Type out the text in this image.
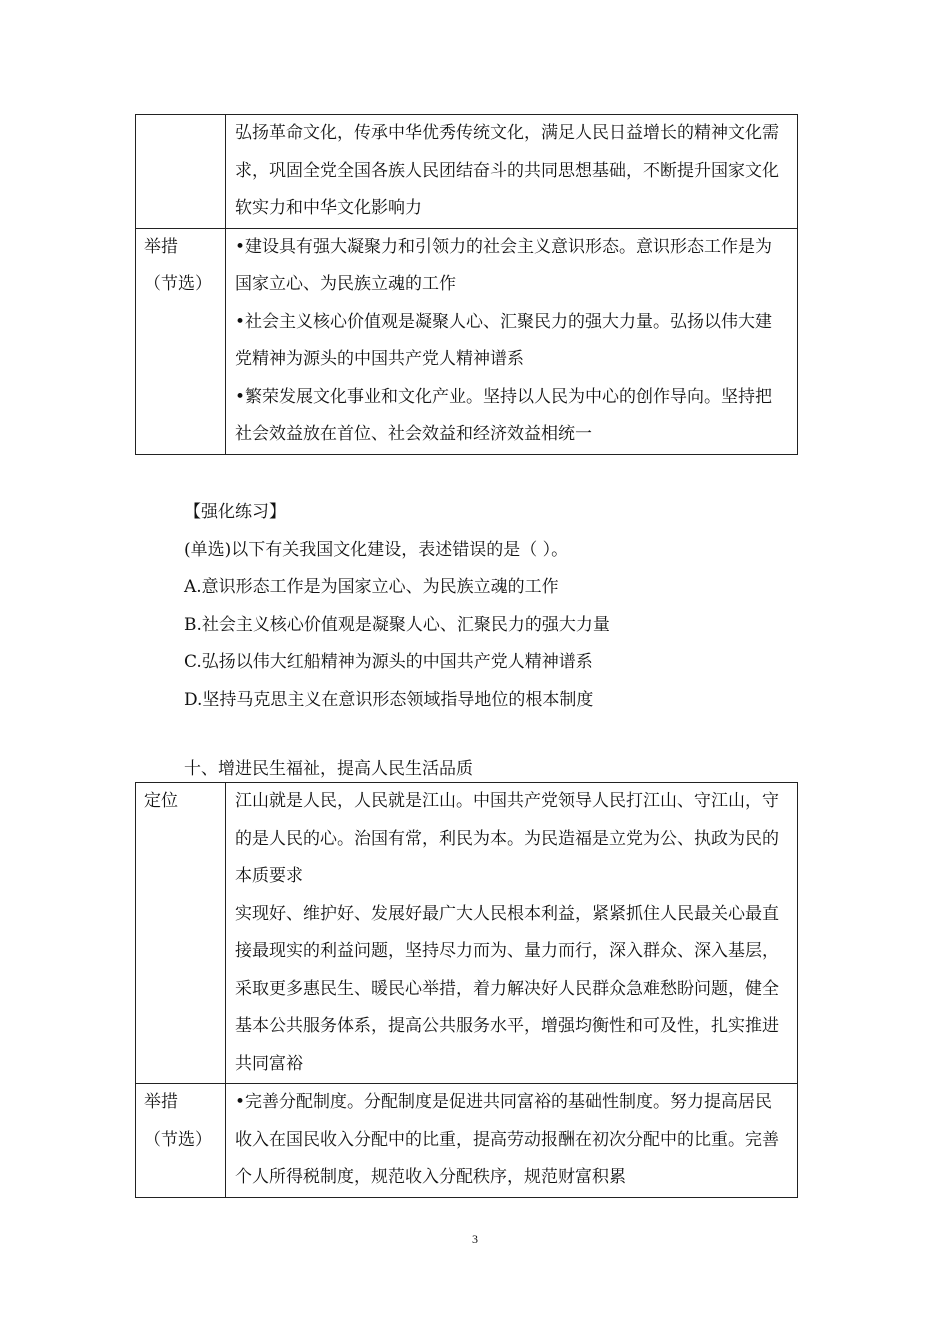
	弘扬革命文化，传承中华优秀传统文化，满足人民日益增长的精神文化需求，巩固全党全国各族人民团结奋斗的共同思想基础，不断提升国家文化软实力和中华文化影响力

举措
（节选）	•建设具有强大凝聚力和引领力的社会主义意识形态。意识形态工作是为国家立心、为民族立魂的工作
•社会主义核心价值观是凝聚人心、汇聚民力的强大力量。弘扬以伟大建党精神为源头的中国共产党人精神谱系
•繁荣发展文化事业和文化产业。坚持以人民为中心的创作导向。坚持把社会效益放在首位、社会效益和经济效益相统一
【强化练习】
(单选)以下有关我国文化建设，表述错误的是（ ）。
A.意识形态工作是为国家立心、为民族立魂的工作
B.社会主义核心价值观是凝聚人心、汇聚民力的强大力量
C.弘扬以伟大红船精神为源头的中国共产党人精神谱系
D.坚持马克思主义在意识形态领域指导地位的根本制度
十、增进民生福祉，提高人民生活品质
定位	江山就是人民，人民就是江山。中国共产党领导人民打江山、守江山，守的是人民的心。治国有常，利民为本。为民造福是立党为公、执政为民的本质要求
实现好、维护好、发展好最广大人民根本利益，紧紧抓住人民最关心最直接最现实的利益问题，坚持尽力而为、量力而行，深入群众、深入基层，采取更多惠民生、暖民心举措，着力解决好人民群众急难愁盼问题，健全基本公共服务体系，提高公共服务水平，增强均衡性和可及性，扎实推进共同富裕

举措
（节选）	•完善分配制度。分配制度是促进共同富裕的基础性制度。努力提高居民收入在国民收入分配中的比重，提高劳动报酬在初次分配中的比重。完善个人所得税制度，规范收入分配秩序，规范财富积累
3
